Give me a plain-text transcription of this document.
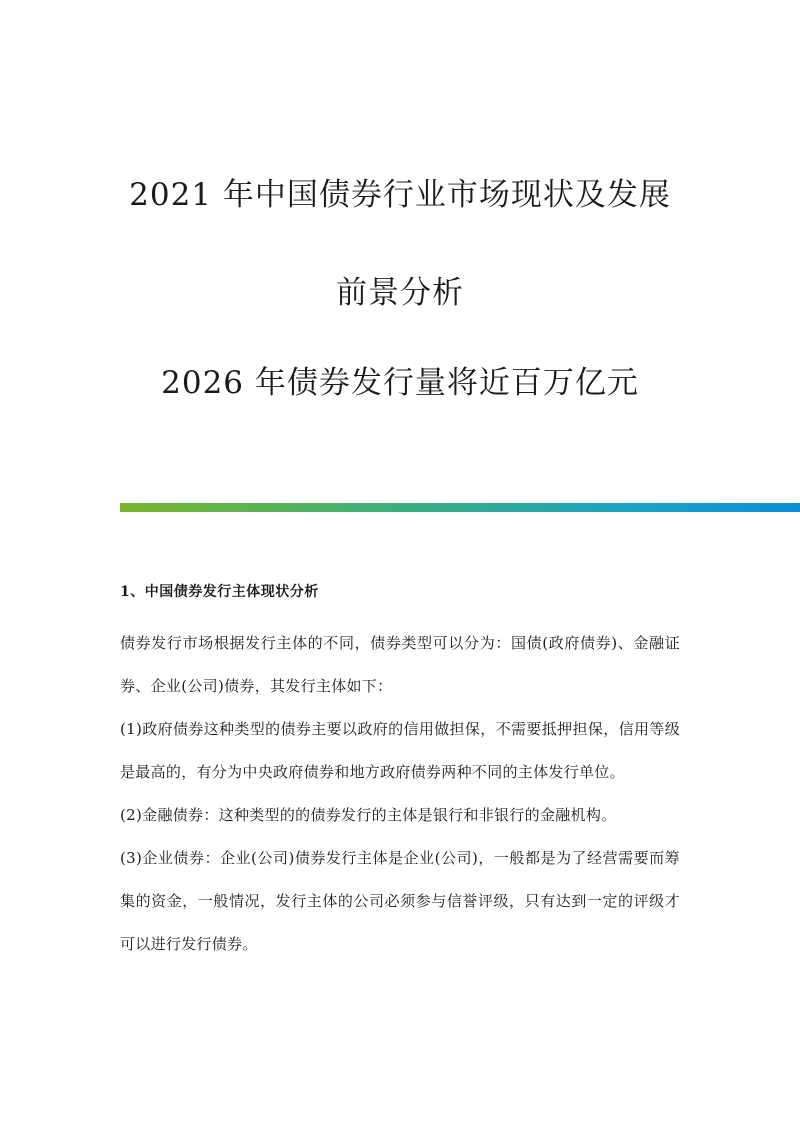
2021 年中国债券行业市场现状及发展
前景分析
2026 年债券发行量将近百万亿元
1、中国债券发行主体现状分析

债券发行市场根据发行主体的不同，债券类型可以分为：国债(政府债券)、金融证券、企业(公司)债券，其发行主体如下：

(1)政府债券这种类型的债券主要以政府的信用做担保，不需要抵押担保，信用等级是最高的，有分为中央政府债券和地方政府债券两种不同的主体发行单位。

(2)金融债券：这种类型的的债券发行的主体是银行和非银行的金融机构。

(3)企业债券：企业(公司)债券发行主体是企业(公司)，一般都是为了经营需要而筹集的资金，一般情况，发行主体的公司必须参与信誉评级，只有达到一定的评级才可以进行发行债券。
